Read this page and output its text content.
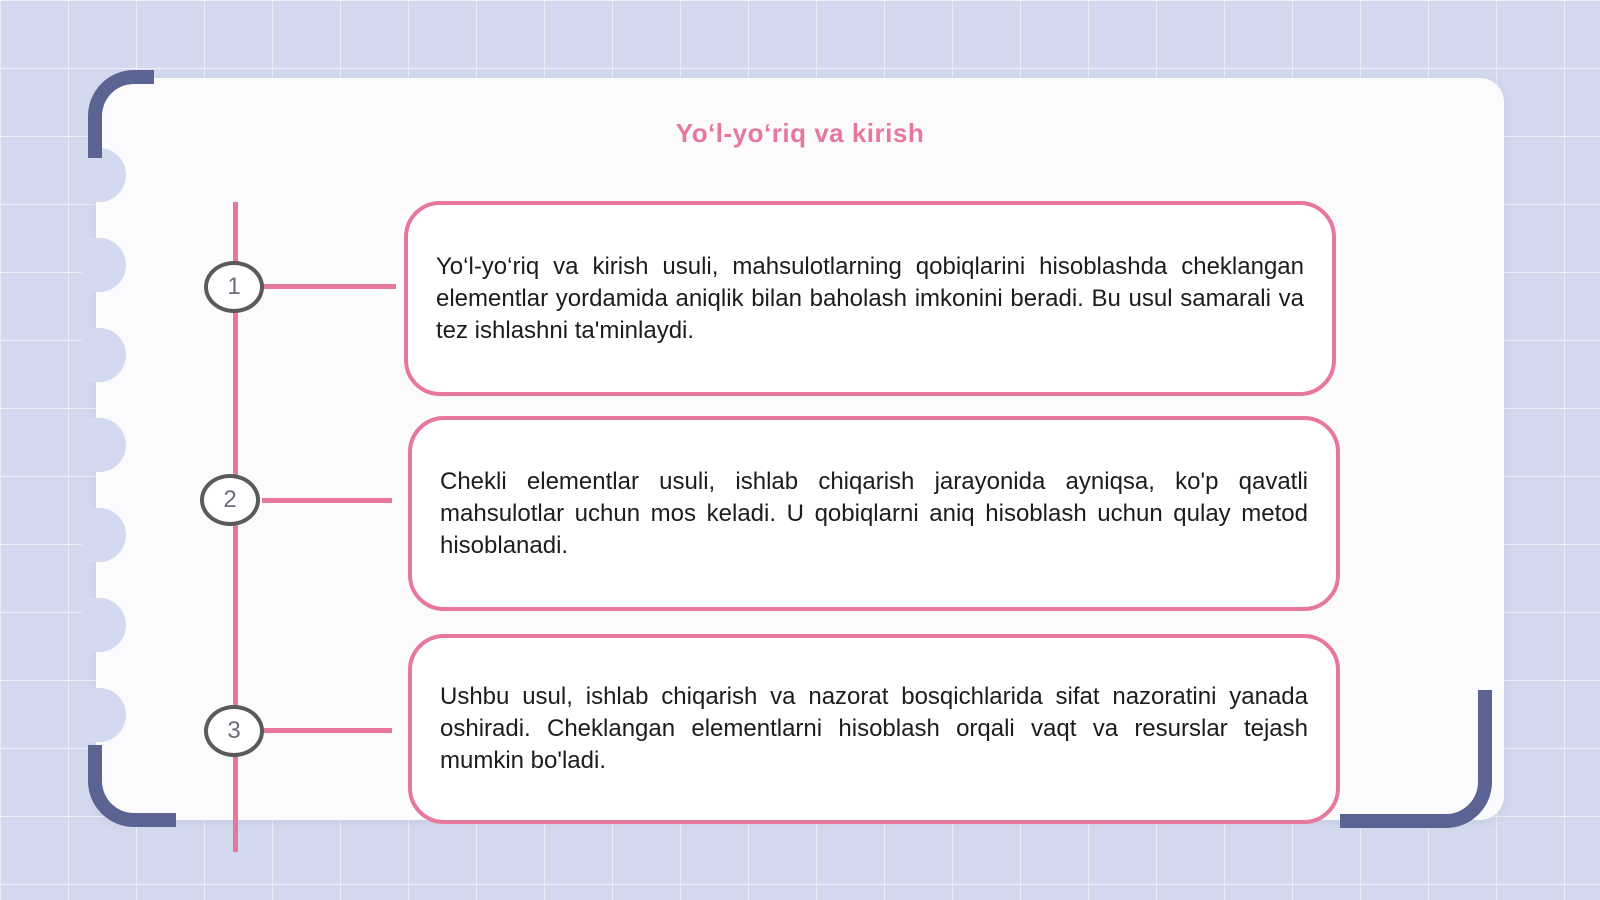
Yoʻl-yoʻriq va kirish
1
2
3

Yo‘l-yo‘riq va kirish usuli, mahsulotlarning qobiqlarini hisoblashda cheklangan elementlar yordamida aniqlik bilan baholash imkonini beradi. Bu usul samarali va tez ishlashni ta'minlaydi.

Chekli elementlar usuli, ishlab chiqarish jarayonida ayniqsa, ko'p qavatli mahsulotlar uchun mos keladi. U qobiqlarni aniq hisoblash uchun qulay metod hisoblanadi.

Ushbu usul, ishlab chiqarish va nazorat bosqichlarida sifat nazoratini yanada oshiradi. Cheklangan elementlarni hisoblash orqali vaqt va resurslar tejash mumkin bo'ladi.
